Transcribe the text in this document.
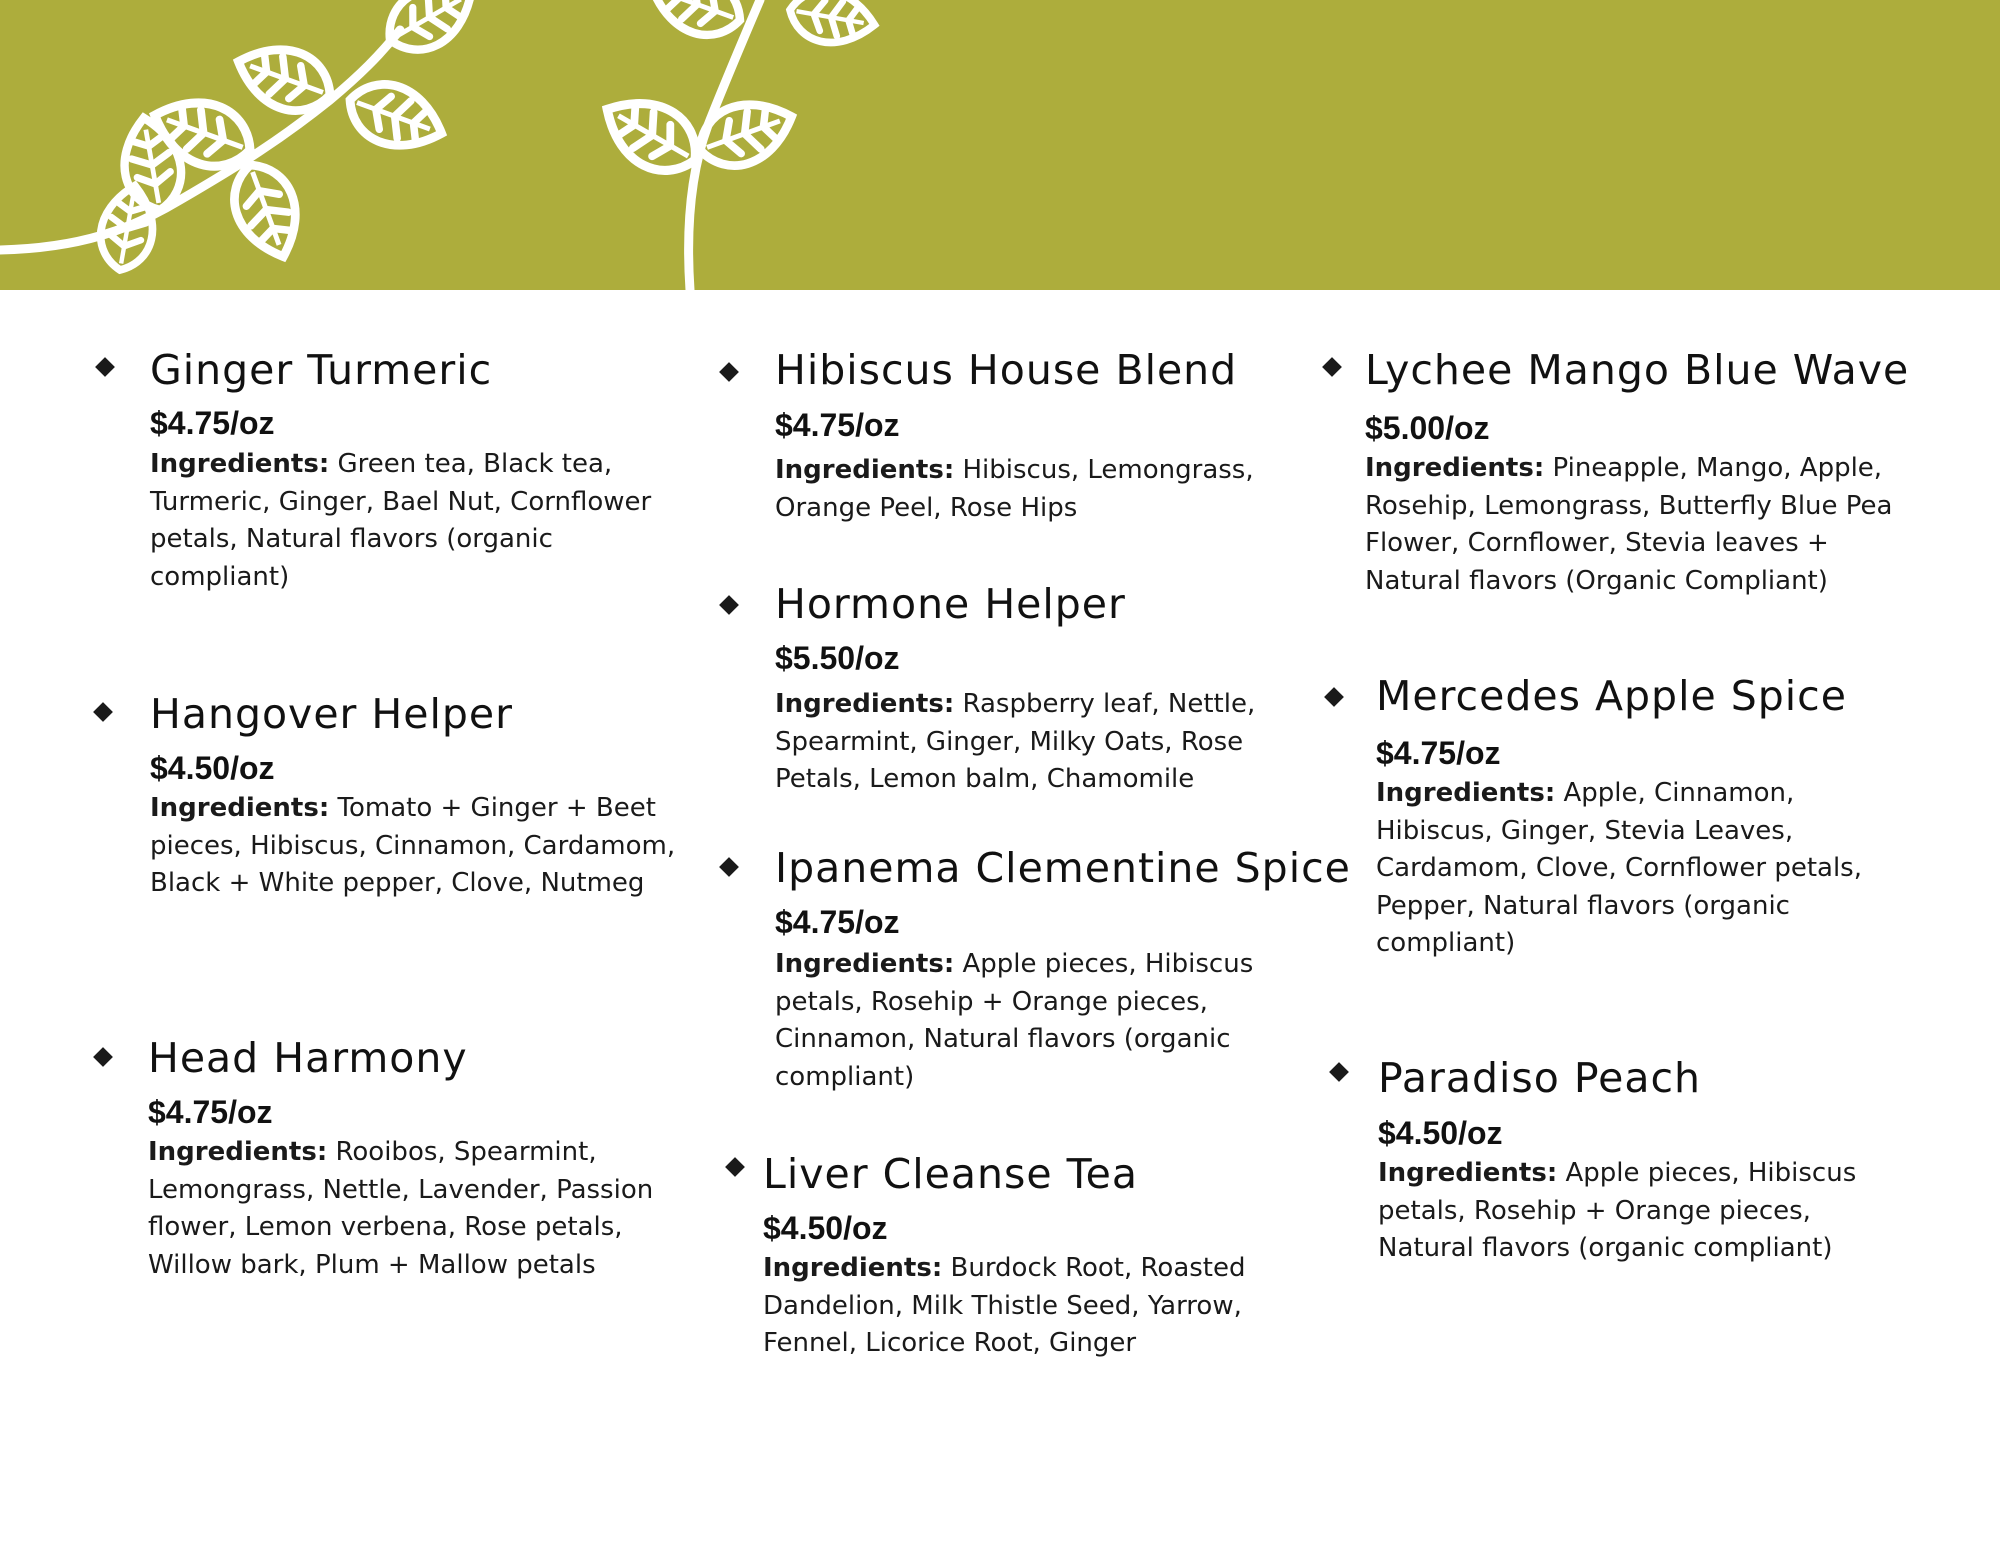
Ginger Turmeric
$4.75/oz
Ingredients: Green tea, Black tea, Turmeric, Ginger, Bael Nut, Cornflower petals, Natural flavors (organic compliant)
Hangover Helper
$4.50/oz
Ingredients: Tomato + Ginger + Beet pieces, Hibiscus, Cinnamon, Cardamom, Black + White pepper, Clove, Nutmeg
Head Harmony
$4.75/oz
Ingredients: Rooibos, Spearmint, Lemongrass, Nettle, Lavender, Passion flower, Lemon verbena, Rose petals, Willow bark, Plum + Mallow petals
Hibiscus House Blend
$4.75/oz
Ingredients: Hibiscus, Lemongrass, Orange Peel, Rose Hips
Hormone Helper
$5.50/oz
Ingredients: Raspberry leaf, Nettle, Spearmint, Ginger, Milky Oats, Rose Petals, Lemon balm, Chamomile
Ipanema Clementine Spice
$4.75/oz
Ingredients: Apple pieces, Hibiscus petals, Rosehip + Orange pieces, Cinnamon, Natural flavors (organic compliant)
Liver Cleanse Tea
$4.50/oz
Ingredients: Burdock Root, Roasted Dandelion, Milk Thistle Seed, Yarrow, Fennel, Licorice Root, Ginger
Lychee Mango Blue Wave
$5.00/oz
Ingredients: Pineapple, Mango, Apple, Rosehip, Lemongrass, Butterfly Blue Pea Flower, Cornflower, Stevia leaves + Natural flavors (Organic Compliant)
Mercedes Apple Spice
$4.75/oz
Ingredients: Apple, Cinnamon, Hibiscus, Ginger, Stevia Leaves, Cardamom, Clove, Cornflower petals, Pepper, Natural flavors (organic compliant)
Paradiso Peach
$4.50/oz
Ingredients: Apple pieces, Hibiscus petals, Rosehip + Orange pieces, Natural flavors (organic compliant)
